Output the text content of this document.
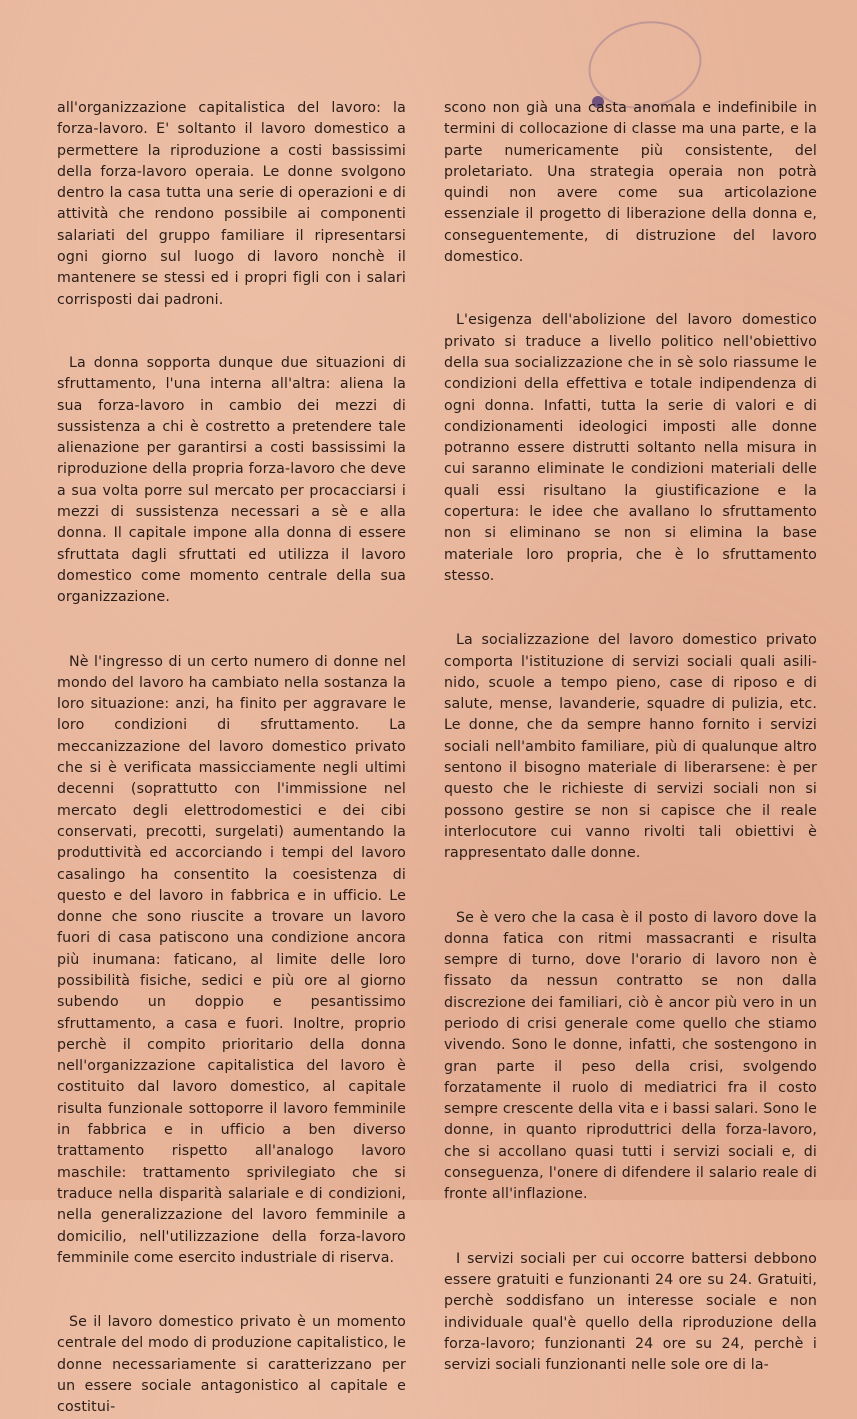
all'organizzazione capitalistica del lavoro: la forza-lavoro. E' soltanto il lavoro domestico a permettere la riproduzione a costi bassissimi della forza-lavoro operaia. Le donne svolgono dentro la casa tutta una serie di operazioni e di attività che rendono possibile ai componenti salariati del gruppo familiare il ripresentarsi ogni giorno sul luogo di lavoro nonchè il mantenere se stessi ed i propri figli con i salari corrisposti dai padroni.

La donna sopporta dunque due situazioni di sfruttamento, l'una interna all'altra: aliena la sua forza-lavoro in cambio dei mezzi di sussistenza a chi è costretto a pretendere tale alienazione per garantirsi a costi bassissimi la riproduzione della propria forza-lavoro che deve a sua volta porre sul mercato per procacciarsi i mezzi di sussistenza necessari a sè e alla donna. Il capitale impone alla donna di essere sfruttata dagli sfruttati ed utilizza il lavoro domestico come momento centrale della sua organizzazione.

Nè l'ingresso di un certo numero di donne nel mondo del lavoro ha cambiato nella sostanza la loro situazione: anzi, ha finito per aggravare le loro condizioni di sfruttamento. La meccanizzazione del lavoro domestico privato che si è verificata massicciamente negli ultimi decenni (soprattutto con l'immissione nel mercato degli elettrodomestici e dei cibi conservati, precotti, surgelati) aumentando la produttività ed accorciando i tempi del lavoro casalingo ha consentito la coesistenza di questo e del lavoro in fabbrica e in ufficio. Le donne che sono riuscite a trovare un lavoro fuori di casa patiscono una condizione ancora più inumana: faticano, al limite delle loro possibilità fisiche, sedici e più ore al giorno subendo un doppio e pesantissimo sfruttamento, a casa e fuori. Inoltre, proprio perchè il compito prioritario della donna nell'organizzazione capitalistica del lavoro è costituito dal lavoro domestico, al capitale risulta funzionale sottoporre il lavoro femminile in fabbrica e in ufficio a ben diverso trattamento rispetto all'analogo lavoro maschile: trattamento sprivilegiato che si traduce nella disparità salariale e di condizioni, nella generalizzazione del lavoro femminile a domicilio, nell'utilizzazione della forza-lavoro femminile come esercito industriale di riserva.

Se il lavoro domestico privato è un momento centrale del modo di produzione capitalistico, le donne necessariamente si caratterizzano per un essere sociale antagonistico al capitale e costitui-

scono non già una casta anomala e indefinibile in termini di collocazione di classe ma una parte, e la parte numericamente più consistente, del proletariato. Una strategia operaia non potrà quindi non avere come sua articolazione essenziale il progetto di liberazione della donna e, conseguentemente, di distruzione del lavoro domestico.

L'esigenza dell'abolizione del lavoro domestico privato si traduce a livello politico nell'obiettivo della sua socializzazione che in sè solo riassume le condizioni della effettiva e totale indipendenza di ogni donna. Infatti, tutta la serie di valori e di condizionamenti ideologici imposti alle donne potranno essere distrutti soltanto nella misura in cui saranno eliminate le condizioni materiali delle quali essi risultano la giustificazione e la copertura: le idee che avallano lo sfruttamento non si eliminano se non si elimina la base materiale loro propria, che è lo sfruttamento stesso.

La socializzazione del lavoro domestico privato comporta l'istituzione di servizi sociali quali asili-nido, scuole a tempo pieno, case di riposo e di salute, mense, lavanderie, squadre di pulizia, etc. Le donne, che da sempre hanno fornito i servizi sociali nell'ambito familiare, più di qualunque altro sentono il bisogno materiale di liberarsene: è per questo che le richieste di servizi sociali non si possono gestire se non si capisce che il reale interlocutore cui vanno rivolti tali obiettivi è rappresentato dalle donne.

Se è vero che la casa è il posto di lavoro dove la donna fatica con ritmi massacranti e risulta sempre di turno, dove l'orario di lavoro non è fissato da nessun contratto se non dalla discrezione dei familiari, ciò è ancor più vero in un periodo di crisi generale come quello che stiamo vivendo. Sono le donne, infatti, che sostengono in gran parte il peso della crisi, svolgendo forzatamente il ruolo di mediatrici fra il costo sempre crescente della vita e i bassi salari. Sono le donne, in quanto riproduttrici della forza-lavoro, che si accollano quasi tutti i servizi sociali e, di conseguenza, l'onere di difendere il salario reale di fronte all'inflazione.

I servizi sociali per cui occorre battersi debbono essere gratuiti e funzionanti 24 ore su 24. Gratuiti, perchè soddisfano un interesse sociale e non individuale qual'è quello della riproduzione della forza-lavoro; funzionanti 24 ore su 24, perchè i servizi sociali funzionanti nelle sole ore di la-
